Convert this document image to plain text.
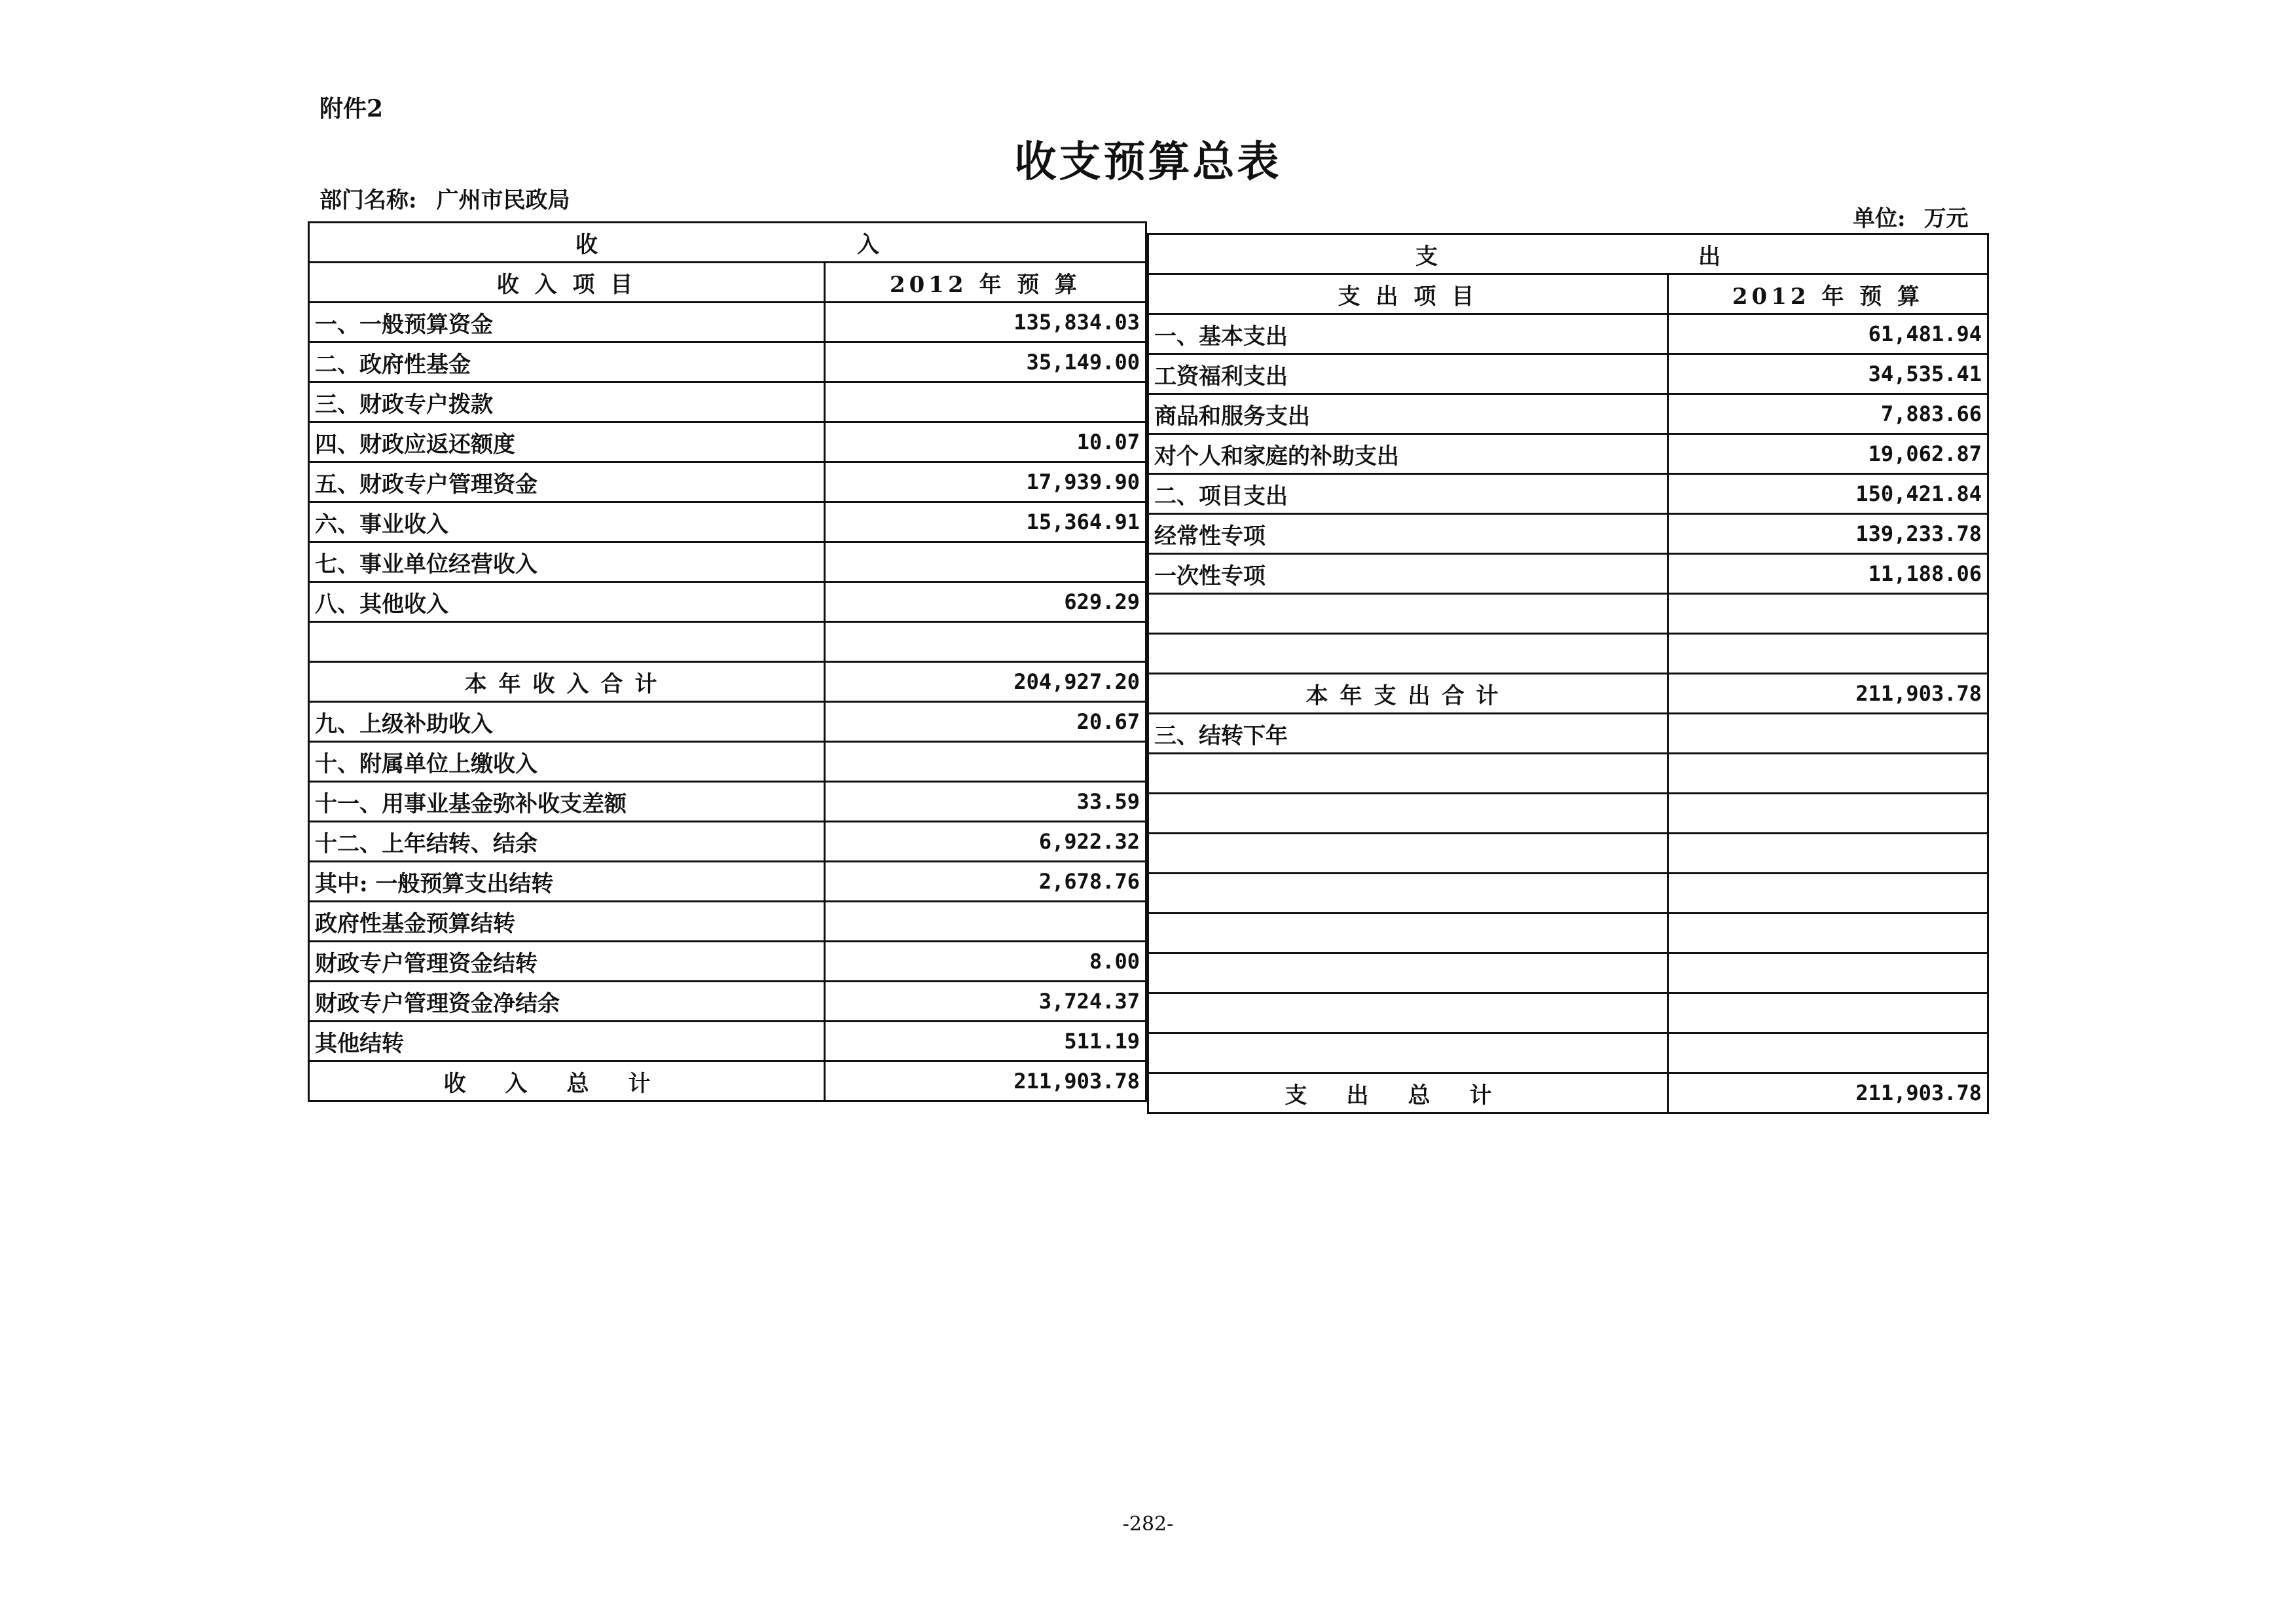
附件2
收支预算总表
部门名称: 广州市民政局
单位: 万元
收 入	

收 入 项 目	2012 年 预 算
一、一般预算资金	135,834.03
二、政府性基金	35,149.00
三、财政专户拨款	
四、财政应返还额度	10.07
五、财政专户管理资金	17,939.90
六、事业收入	15,364.91
七、事业单位经营收入	
八、其他收入	629.29

本年收入合计	204,927.20
九、上级补助收入	20.67
十、附属单位上缴收入	
十一、用事业基金弥补收支差额	33.59
十二、上年结转、结余	6,922.32
其中: 一般预算支出结转	2,678.76
政府性基金预算结转	
财政专户管理资金结转	8.00
财政专户管理资金净结余	3,724.37
其他结转	511.19
收入总计	211,903.78
支 出	

支 出 项 目	2012 年 预 算
一、基本支出	61,481.94
工资福利支出	34,535.41
商品和服务支出	7,883.66
对个人和家庭的补助支出	19,062.87
二、项目支出	150,421.84
经常性专项	139,233.78
一次性专项	11,188.06

本年支出合计	211,903.78
三、结转下年	

支出总计	211,903.78
-282-
